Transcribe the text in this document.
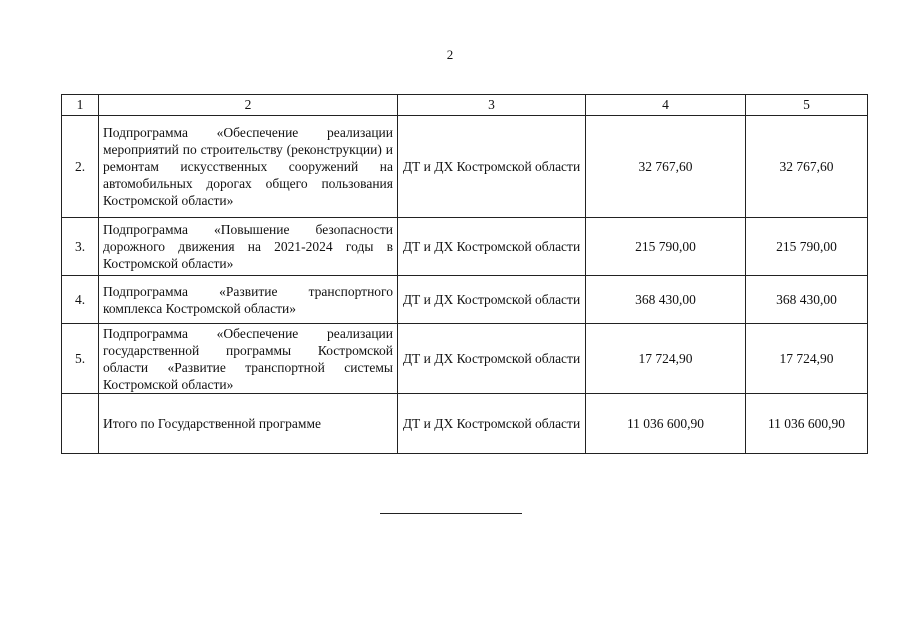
2
1	2	3	4	5
2.	Подпрограмма «Обеспечение реализации мероприятий по строительству (реконструкции) и ремонтам искусственных сооружений на автомобильных дорогах общего пользования Костромской области»	ДТ и ДХ Костромской области	32 767,60	32 767,60
3.	Подпрограмма «Повышение безопасности дорожного движения на 2021-2024 годы в Костромской области»	ДТ и ДХ Костромской области	215 790,00	215 790,00
4.	Подпрограмма «Развитие транспортного комплекса Костромской области»	ДТ и ДХ Костромской области	368 430,00	368 430,00
5.	Подпрограмма «Обеспечение реализации государственной программы Костромской области «Развитие транспортной системы Костромской области»	ДТ и ДХ Костромской области	17 724,90	17 724,90
	Итого по Государственной программе	ДТ и ДХ Костромской области	11 036 600,90	11 036 600,90
